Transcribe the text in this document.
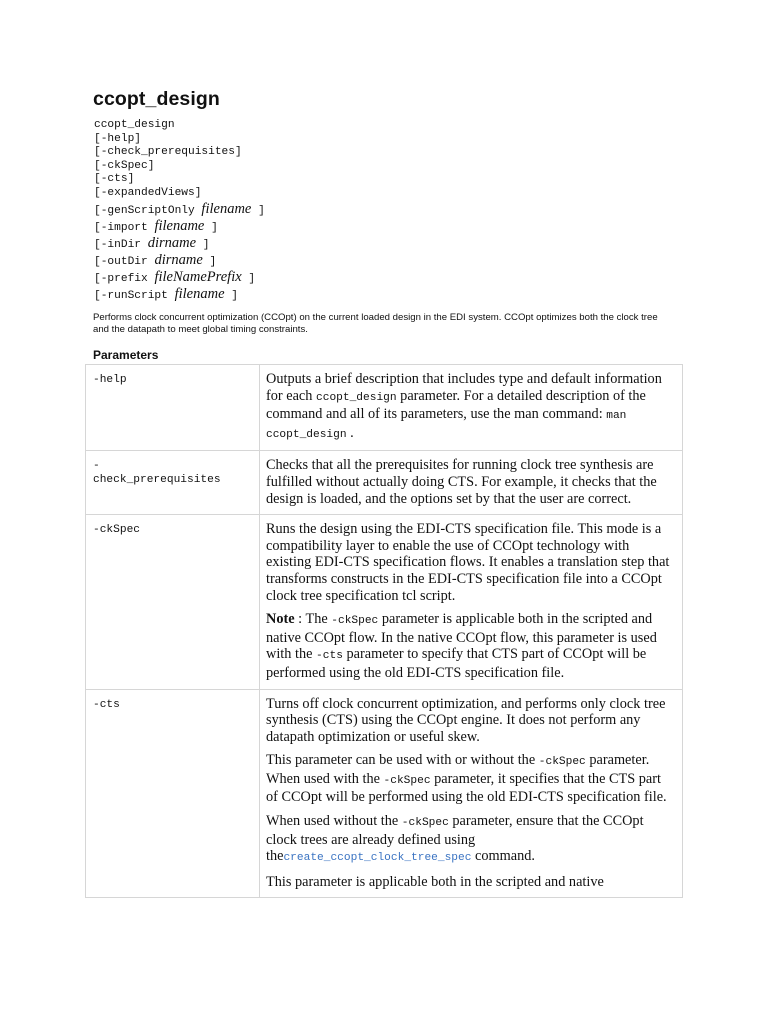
ccopt_design
ccopt_design
[-help]
[-check_prerequisites]
[-ckSpec]
[-cts]
[-expandedViews]
[-genScriptOnly filename ]
[-import filename ]
[-inDir dirname ]
[-outDir dirname ]
[-prefix fileNamePrefix ]
[-runScript filename ]

Performs clock concurrent optimization (CCOpt) on the current loaded design in the EDI system. CCOpt optimizes both the clock tree and the datapath to meet global timing constraints.

Parameters
-help	Outputs a brief description that includes type and default information for each ccopt_design parameter. For a detailed description of the command and all of its parameters, use the man command: man ccopt_design .

-
check_prerequisites	Checks that all the prerequisites for running clock tree synthesis are fulfilled without actually doing CTS. For example, it checks that the design is loaded, and the options set by that the user are correct.

-ckSpec	Runs the design using the EDI-CTS specification file. This mode is a compatibility layer to enable the use of CCOpt technology with existing EDI-CTS specification flows. It enables a translation step that transforms constructs in the EDI-CTS specification file into a CCOpt clock tree specification tcl script.

Note : The -ckSpec parameter is applicable both in the scripted and native CCOpt flow. In the native CCOpt flow, this parameter is used with the -cts parameter to specify that CTS part of CCOpt will be performed using the old EDI-CTS specification file.

-cts	Turns off clock concurrent optimization, and performs only clock tree synthesis (CTS) using the CCOpt engine. It does not perform any datapath optimization or useful skew.

This parameter can be used with or without the -ckSpec parameter. When used with the -ckSpec parameter, it specifies that the CTS part of CCOpt will be performed using the old EDI-CTS specification file.

When used without the -ckSpec parameter, ensure that the CCOpt clock trees are already defined using thecreate_ccopt_clock_tree_spec command.

This parameter is applicable both in the scripted and native
